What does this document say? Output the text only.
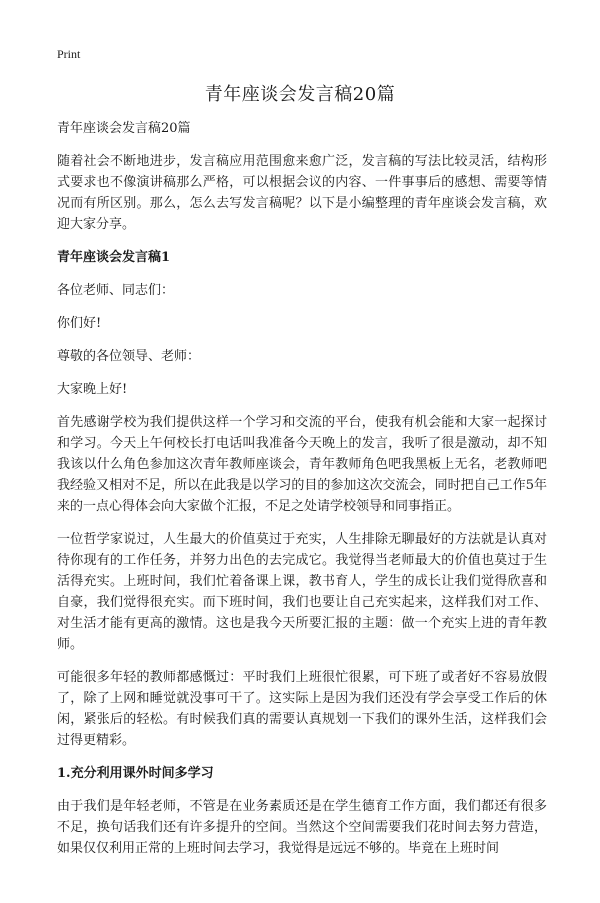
Print
青年座谈会发言稿20篇

青年座谈会发言稿20篇

随着社会不断地进步，发言稿应用范围愈来愈广泛，发言稿的写法比较灵活，结构形式要求也不像演讲稿那么严格，可以根据会议的内容、一件事事后的感想、需要等情况而有所区别。那么，怎么去写发言稿呢？以下是小编整理的青年座谈会发言稿，欢迎大家分享。

青年座谈会发言稿1

各位老师、同志们：

你们好!

尊敬的各位领导、老师：

大家晚上好!

首先感谢学校为我们提供这样一个学习和交流的平台，使我有机会能和大家一起探讨和学习。今天上午何校长打电话叫我准备今天晚上的发言，我听了很是激动，却不知我该以什么角色参加这次青年教师座谈会，青年教师角色吧我黑板上无名，老教师吧我经验又相对不足，所以在此我是以学习的目的参加这次交流会，同时把自己工作5年来的一点心得体会向大家做个汇报，不足之处请学校领导和同事指正。

一位哲学家说过，人生最大的价值莫过于充实，人生排除无聊最好的方法就是认真对待你现有的工作任务，并努力出色的去完成它。我觉得当老师最大的价值也莫过于生活得充实。上班时间，我们忙着备课上课，教书育人，学生的成长让我们觉得欣喜和自豪，我们觉得很充实。而下班时间，我们也要让自己充实起来，这样我们对工作、对生活才能有更高的激情。这也是我今天所要汇报的主题：做一个充实上进的青年教师。

可能很多年轻的教师都感慨过：平时我们上班很忙很累，可下班了或者好不容易放假了，除了上网和睡觉就没事可干了。这实际上是因为我们还没有学会享受工作后的休闲，紧张后的轻松。有时候我们真的需要认真规划一下我们的课外生活，这样我们会过得更精彩。

1.充分利用课外时间多学习

由于我们是年轻老师，不管是在业务素质还是在学生德育工作方面，我们都还有很多不足，换句话我们还有许多提升的空间。当然这个空间需要我们花时间去努力营造，如果仅仅利用正常的上班时间去学习，我觉得是远远不够的。毕竟在上班时间
